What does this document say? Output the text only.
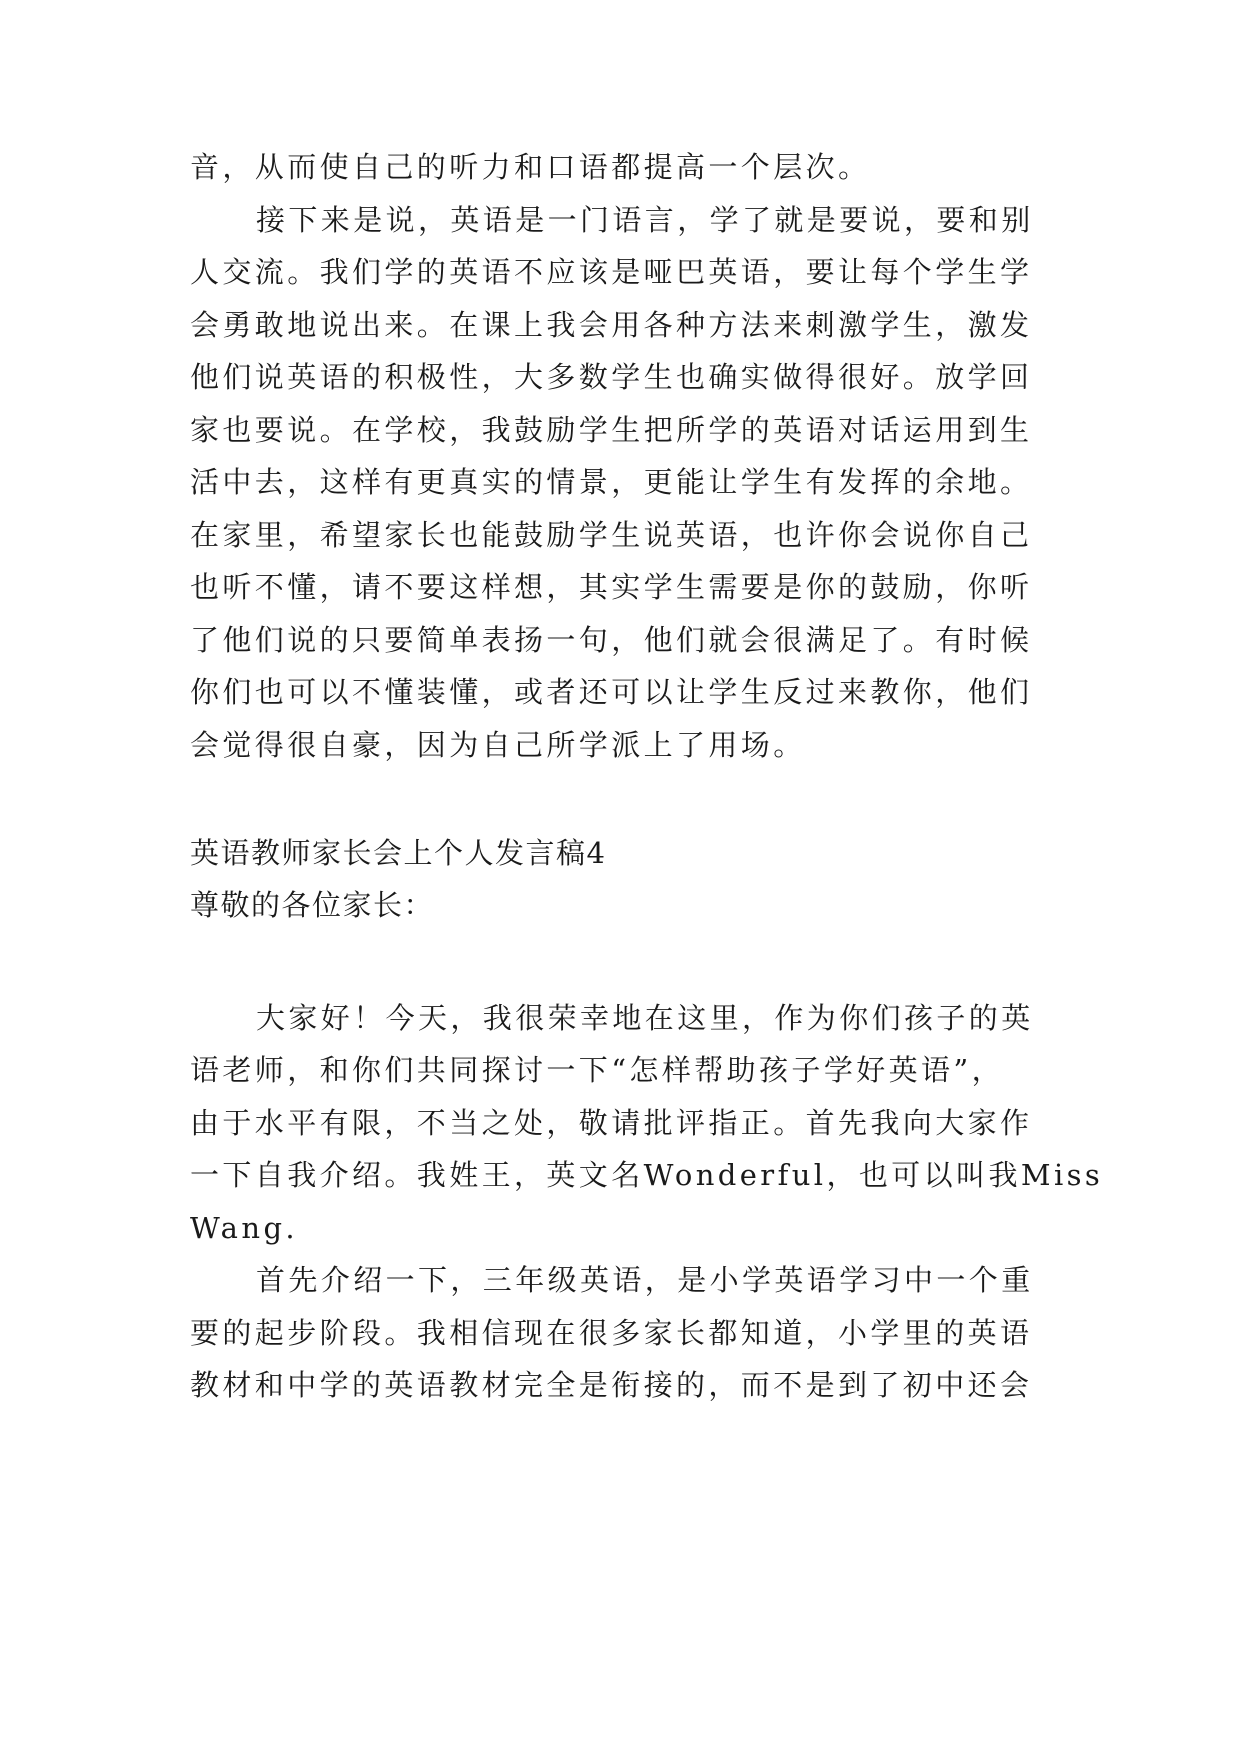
音，从而使自己的听力和口语都提高一个层次。
接下来是说，英语是一门语言，学了就是要说，要和别
人交流。我们学的英语不应该是哑巴英语，要让每个学生学
会勇敢地说出来。在课上我会用各种方法来刺激学生，激发
他们说英语的积极性，大多数学生也确实做得很好。放学回
家也要说。在学校，我鼓励学生把所学的英语对话运用到生
活中去，这样有更真实的情景，更能让学生有发挥的余地。
在家里，希望家长也能鼓励学生说英语，也许你会说你自己
也听不懂，请不要这样想，其实学生需要是你的鼓励，你听
了他们说的只要简单表扬一句，他们就会很满足了。有时候
你们也可以不懂装懂，或者还可以让学生反过来教你，他们
会觉得很自豪，因为自己所学派上了用场。
英语教师家长会上个人发言稿4
尊敬的各位家长：
大家好！今天，我很荣幸地在这里，作为你们孩子的英
语老师，和你们共同探讨一下“怎样帮助孩子学好英语”，
由于水平有限，不当之处，敬请批评指正。首先我向大家作
一下自我介绍。我姓王，英文名Wonderful，也可以叫我Miss
Wang.
首先介绍一下，三年级英语，是小学英语学习中一个重
要的起步阶段。我相信现在很多家长都知道，小学里的英语
教材和中学的英语教材完全是衔接的，而不是到了初中还会
